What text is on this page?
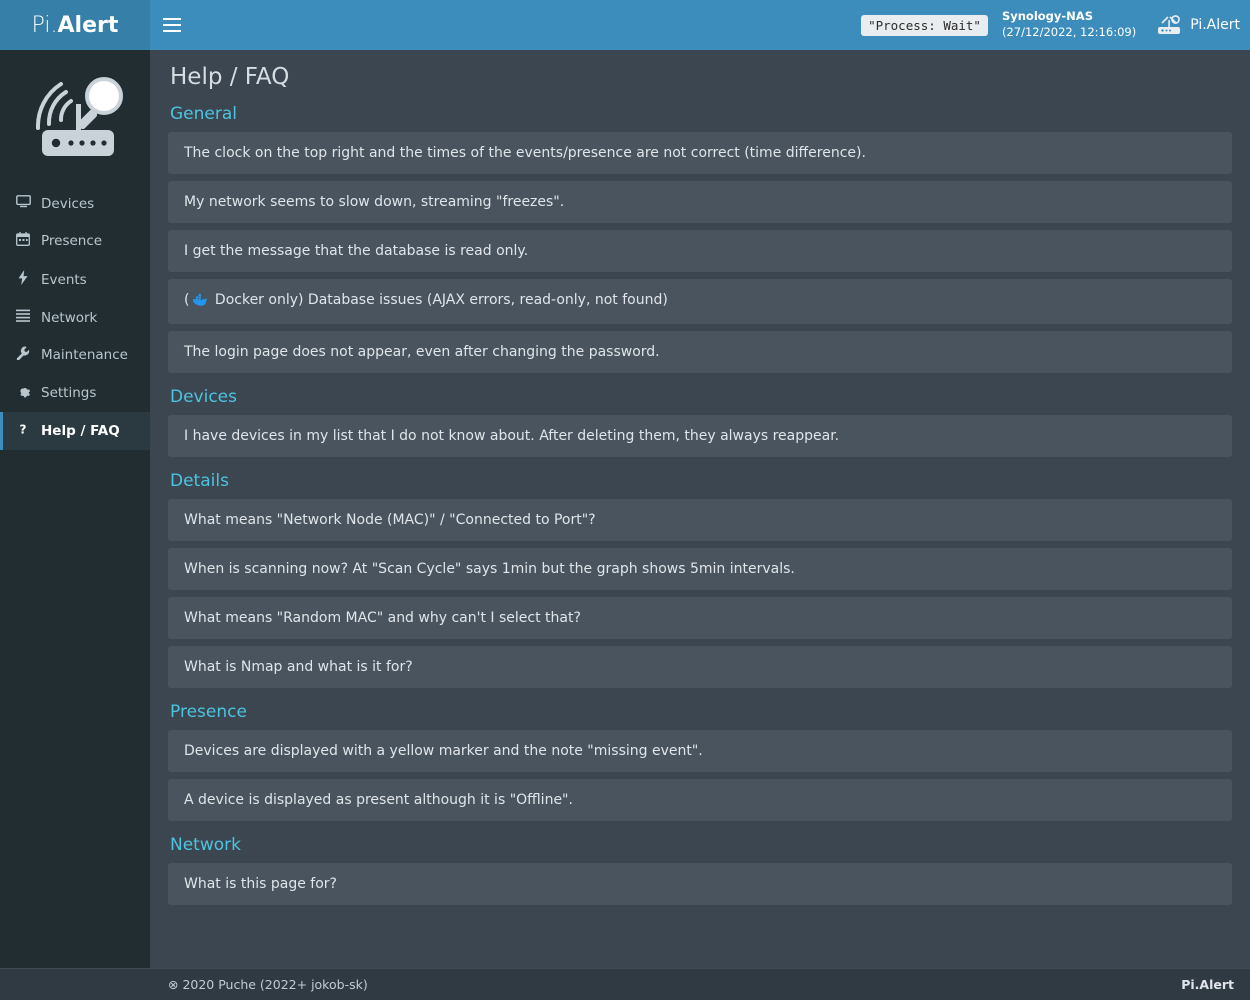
Pi. Alert	"Process: Wait"
Synology-NAS
(27/12/2022, 12:16:09)	Pi.Alert
Devices
Presence
Events
Network
Maintenance
Settings
? Help / FAQ
Help / FAQ
General
The clock on the top right and the times of the events/presence are not correct (time difference).
My network seems to slow down, streaming "freezes".
I get the message that the database is read only.
( Docker only) Database issues (AJAX errors, read-only, not found)
The login page does not appear, even after changing the password.
Devices
I have devices in my list that I do not know about. After deleting them, they always reappear.
Details
What means "Network Node (MAC)" / "Connected to Port"?
When is scanning now? At "Scan Cycle" says 1min but the graph shows 5min intervals.
What means "Random MAC" and why can't I select that?
What is Nmap and what is it for?
Presence
Devices are displayed with a yellow marker and the note "missing event".
A device is displayed as present although it is "Offline".
Network
What is this page for?
⊗ 2020 Puche (2022+ jokob-sk)	Pi.Alert
